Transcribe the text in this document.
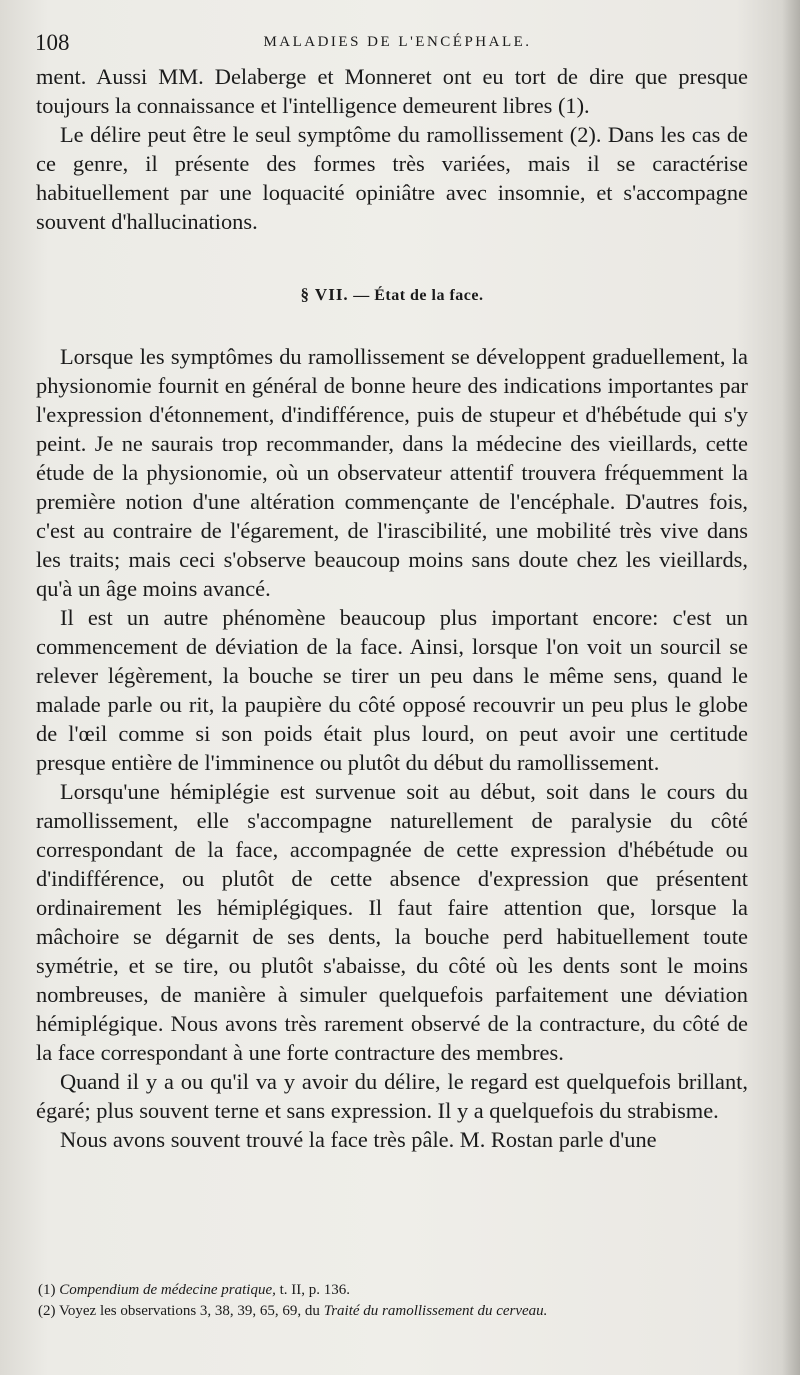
108	MALADIES DE L'ENCÉPHALE.

ment. Aussi MM. Delaberge et Monneret ont eu tort de dire que presque toujours la connaissance et l'intelligence demeurent libres (1).

Le délire peut être le seul symptôme du ramollissement (2). Dans les cas de ce genre, il présente des formes très variées, mais il se caractérise habituellement par une loquacité opiniâtre avec insomnie, et s'accompagne souvent d'hallucinations.

§ VII. — État de la face.

Lorsque les symptômes du ramollissement se développent graduellement, la physionomie fournit en général de bonne heure des indications importantes par l'expression d'étonnement, d'indifférence, puis de stupeur et d'hébétude qui s'y peint. Je ne saurais trop recommander, dans la médecine des vieillards, cette étude de la physionomie, où un observateur attentif trouvera fréquemment la première notion d'une altération commençante de l'encéphale. D'autres fois, c'est au contraire de l'égarement, de l'irascibilité, une mobilité très vive dans les traits; mais ceci s'observe beaucoup moins sans doute chez les vieillards, qu'à un âge moins avancé.

Il est un autre phénomène beaucoup plus important encore: c'est un commencement de déviation de la face. Ainsi, lorsque l'on voit un sourcil se relever légèrement, la bouche se tirer un peu dans le même sens, quand le malade parle ou rit, la paupière du côté opposé recouvrir un peu plus le globe de l'œil comme si son poids était plus lourd, on peut avoir une certitude presque entière de l'imminence ou plutôt du début du ramollissement.

Lorsqu'une hémiplégie est survenue soit au début, soit dans le cours du ramollissement, elle s'accompagne naturellement de paralysie du côté correspondant de la face, accompagnée de cette expression d'hébétude ou d'indifférence, ou plutôt de cette absence d'expression que présentent ordinairement les hémiplégiques. Il faut faire attention que, lorsque la mâchoire se dégarnit de ses dents, la bouche perd habituellement toute symétrie, et se tire, ou plutôt s'abaisse, du côté où les dents sont le moins nombreuses, de manière à simuler quelquefois parfaitement une déviation hémiplégique. Nous avons très rarement observé de la contracture, du côté de la face correspondant à une forte contracture des membres.

Quand il y a ou qu'il va y avoir du délire, le regard est quelquefois brillant, égaré; plus souvent terne et sans expression. Il y a quelquefois du strabisme.

Nous avons souvent trouvé la face très pâle. M. Rostan parle d'une

(1) Compendium de médecine pratique, t. II, p. 136.

(2) Voyez les observations 3, 38, 39, 65, 69, du Traité du ramollissement du cerveau.
